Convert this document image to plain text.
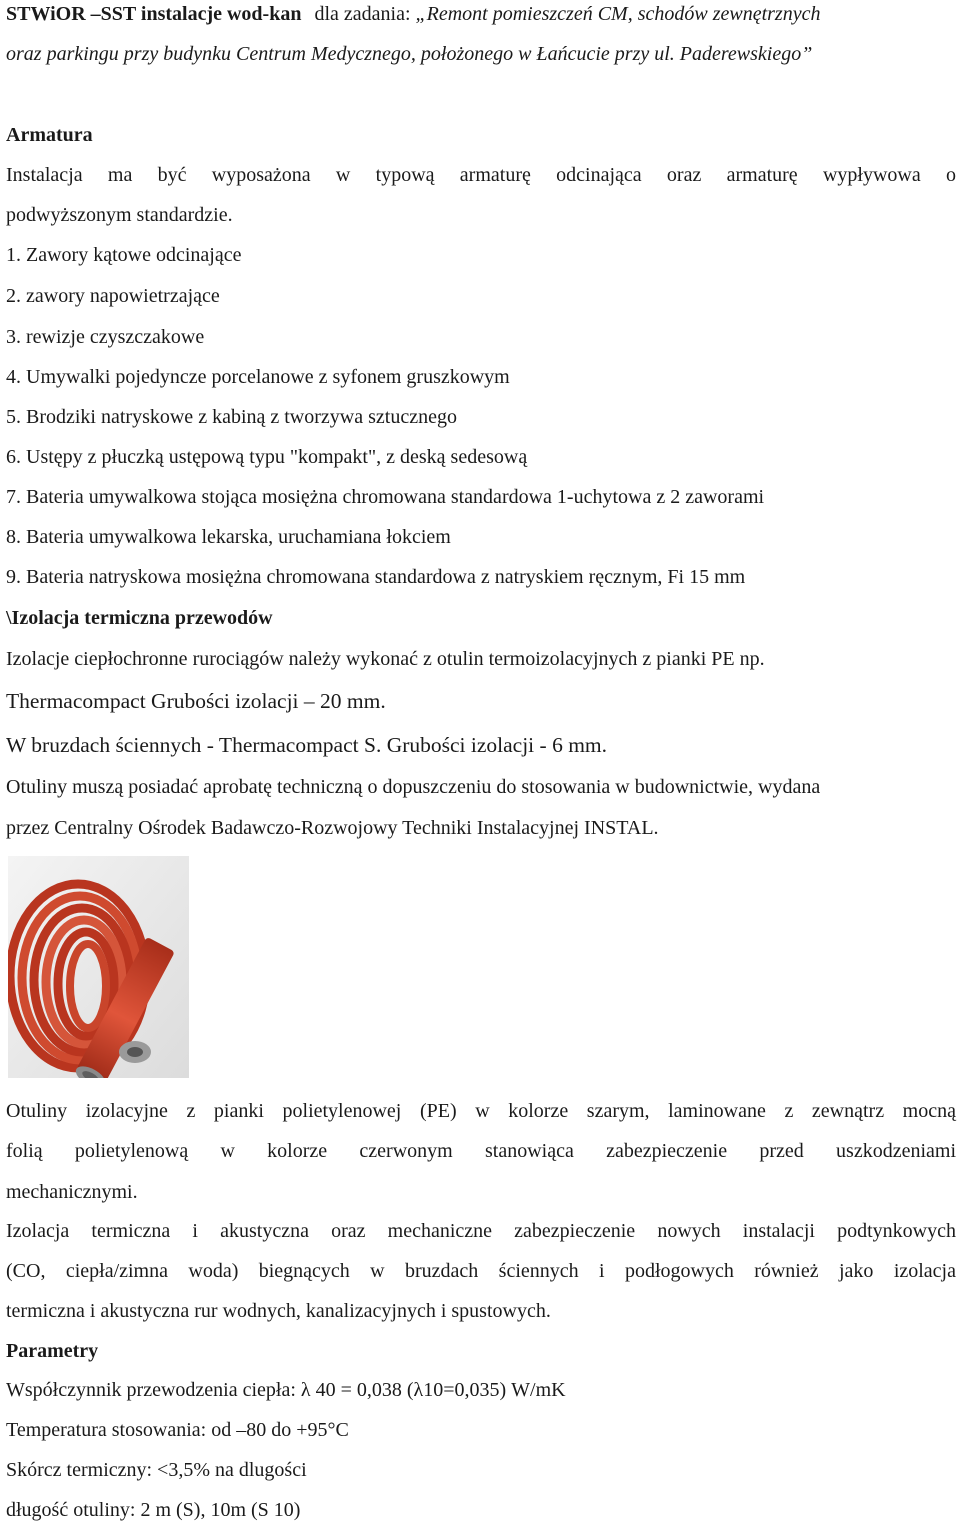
STWiOR –SST instalacje wod-kan dla zadania: „Remont pomieszczeń CM, schodów zewnętrznych
oraz parkingu przy budynku Centrum Medycznego, położonego w Łańcucie przy ul. Paderewskiego”
Armatura
Instalacja ma być wyposażona w typową armaturę odcinająca oraz armaturę wypływowa o
podwyższonym standardzie.
1. Zawory kątowe odcinające
2. zawory napowietrzające
3. rewizje czyszczakowe
4. Umywalki pojedyncze porcelanowe z syfonem gruszkowym
5. Brodziki natryskowe z kabiną z tworzywa sztucznego
6. Ustępy z płuczką ustępową typu "kompakt", z deską sedesową
7. Bateria umywalkowa stojąca mosiężna chromowana standardowa 1-uchytowa z 2 zaworami
8. Bateria umywalkowa lekarska, uruchamiana łokciem
9. Bateria natryskowa mosiężna chromowana standardowa z natryskiem ręcznym, Fi 15 mm
\Izolacja termiczna przewodów
Izolacje ciepłochronne rurociągów należy wykonać z otulin termoizolacyjnych z pianki PE np.
Thermacompact Grubości izolacji – 20 mm.
W bruzdach ściennych - Thermacompact S. Grubości izolacji - 6 mm.
Otuliny muszą posiadać aprobatę techniczną o dopuszczeniu do stosowania w budownictwie, wydana
przez Centralny Ośrodek Badawczo-Rozwojowy Techniki Instalacyjnej INSTAL.
Otuliny izolacyjne z pianki polietylenowej (PE) w kolorze szarym, laminowane z zewnątrz mocną
folią polietylenową w kolorze czerwonym stanowiąca zabezpieczenie przed uszkodzeniami
mechanicznymi.
Izolacja termiczna i akustyczna oraz mechaniczne zabezpieczenie nowych instalacji podtynkowych
(CO, ciepła/zimna woda) biegnących w bruzdach ściennych i podłogowych również jako izolacja
termiczna i akustyczna rur wodnych, kanalizacyjnych i spustowych.
Parametry
Współczynnik przewodzenia ciepła: λ 40 = 0,038 (λ10=0,035) W/mK
Temperatura stosowania: od –80 do +95°C
Skórcz termiczny: <3,5% na dlugości
długość otuliny: 2 m (S), 10m (S 10)
